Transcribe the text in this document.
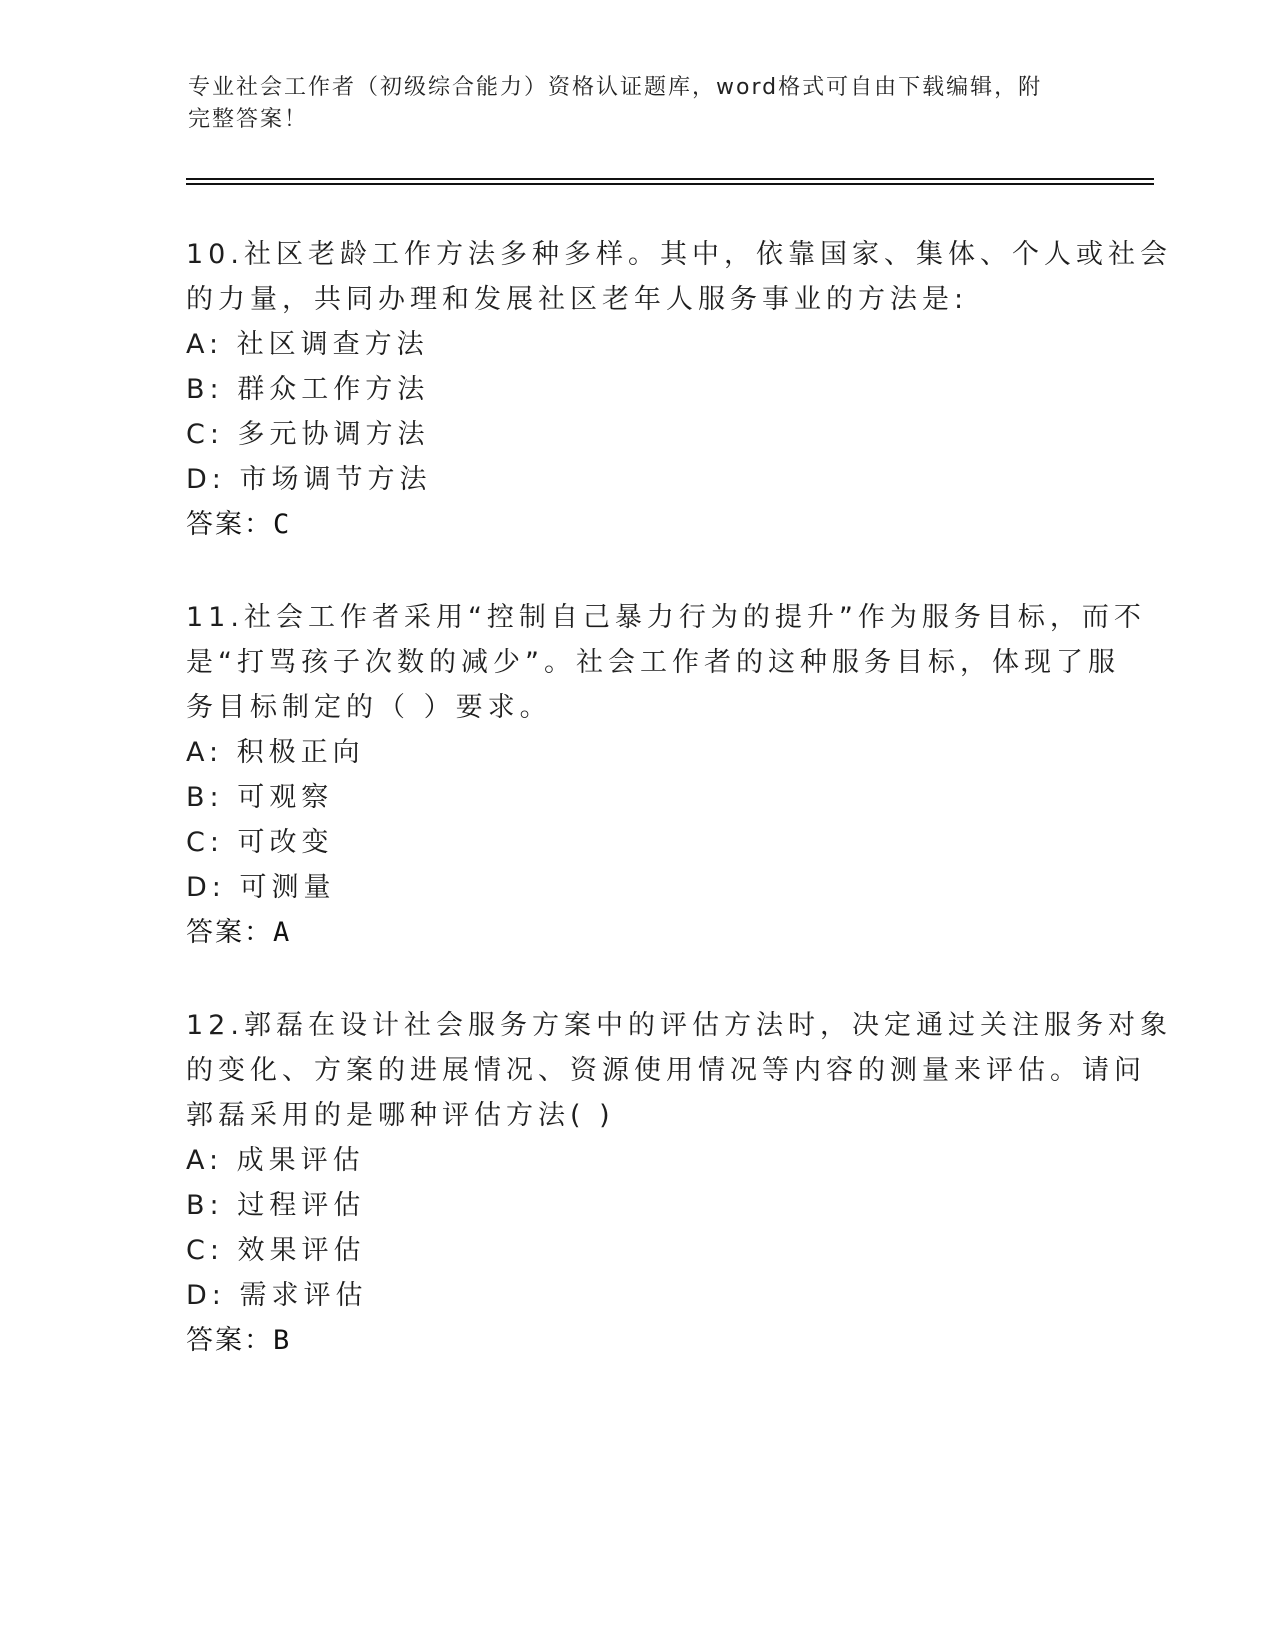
专业社会工作者（初级综合能力）资格认证题库，word格式可自由下载编辑，附
完整答案！
10.社区老龄工作方法多种多样。其中，依靠国家、集体、个人或社会
的力量，共同办理和发展社区老年人服务事业的方法是:
A: 社区调查方法
B: 群众工作方法
C: 多元协调方法
D: 市场调节方法
答案：C
11.社会工作者采用“控制自己暴力行为的提升”作为服务目标，而不
是“打骂孩子次数的减少”。社会工作者的这种服务目标，体现了服
务目标制定的（ ）要求。
A: 积极正向
B: 可观察
C: 可改变
D: 可测量
答案：A
12.郭磊在设计社会服务方案中的评估方法时，决定通过关注服务对象
的变化、方案的进展情况、资源使用情况等内容的测量来评估。请问
郭磊采用的是哪种评估方法( )
A: 成果评估
B: 过程评估
C: 效果评估
D: 需求评估
答案：B
